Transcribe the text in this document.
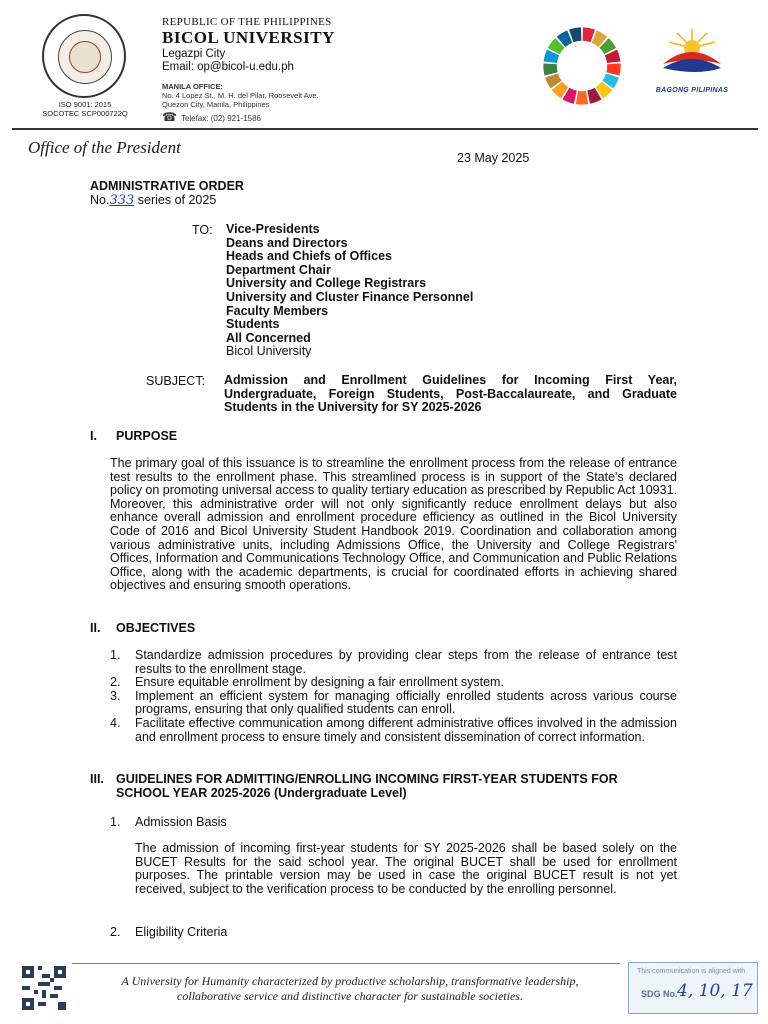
ISO 9001: 2015
SOCOTEC SCP000722Q
REPUBLIC OF THE PHILIPPINES
BICOL UNIVERSITY
Legazpi City
Email: op@bicol-u.edu.ph
MANILA OFFICE:
No. 4 Lopez St., M. H. del Pilar, Roosevelt Ave.
Quezon City, Manila, Philippines
☎ Telefax: (02) 921-1586
BAGONG PILIPINAS
Office of the President
23 May 2025
ADMINISTRATIVE ORDER
No.333 series of 2025
TO: Vice-Presidents
Deans and Directors
Heads and Chiefs of Offices
Department Chair
University and College Registrars
University and Cluster Finance Personnel
Faculty Members
Students
All Concerned
Bicol University
SUBJECT: Admission and Enrollment Guidelines for Incoming First Year, Undergraduate, Foreign Students, Post-Baccalaureate, and Graduate Students in the University for SY 2025-2026
I. PURPOSE
The primary goal of this issuance is to streamline the enrollment process from the release of entrance test results to the enrollment phase. This streamlined process is in support of the State's declared policy on promoting universal access to quality tertiary education as prescribed by Republic Act 10931. Moreover, this administrative order will not only significantly reduce enrollment delays but also enhance overall admission and enrollment procedure efficiency as outlined in the Bicol University Code of 2016 and Bicol University Student Handbook 2019. Coordination and collaboration among various administrative units, including Admissions Office, the University and College Registrars' Offices, Information and Communications Technology Office, and Communication and Public Relations Office, along with the academic departments, is crucial for coordinated efforts in achieving shared objectives and ensuring smooth operations.
II. OBJECTIVES
1. Standardize admission procedures by providing clear steps from the release of entrance test results to the enrollment stage.
2. Ensure equitable enrollment by designing a fair enrollment system.
3. Implement an efficient system for managing officially enrolled students across various course programs, ensuring that only qualified students can enroll.
4. Facilitate effective communication among different administrative offices involved in the admission and enrollment process to ensure timely and consistent dissemination of correct information.
III. GUIDELINES FOR ADMITTING/ENROLLING INCOMING FIRST-YEAR STUDENTS FOR
SCHOOL YEAR 2025-2026 (Undergraduate Level)
1. Admission Basis
The admission of incoming first-year students for SY 2025-2026 shall be based solely on the BUCET Results for the said school year. The original BUCET shall be used for enrollment purposes. The printable version may be used in case the original BUCET result is not yet received, subject to the verification process to be conducted by the enrolling personnel.
2. Eligibility Criteria
A University for Humanity characterized by productive scholarship, transformative leadership,
collaborative service and distinctive character for sustainable societies.
This communication is aligned with
SDG No. 4, 10, 17
